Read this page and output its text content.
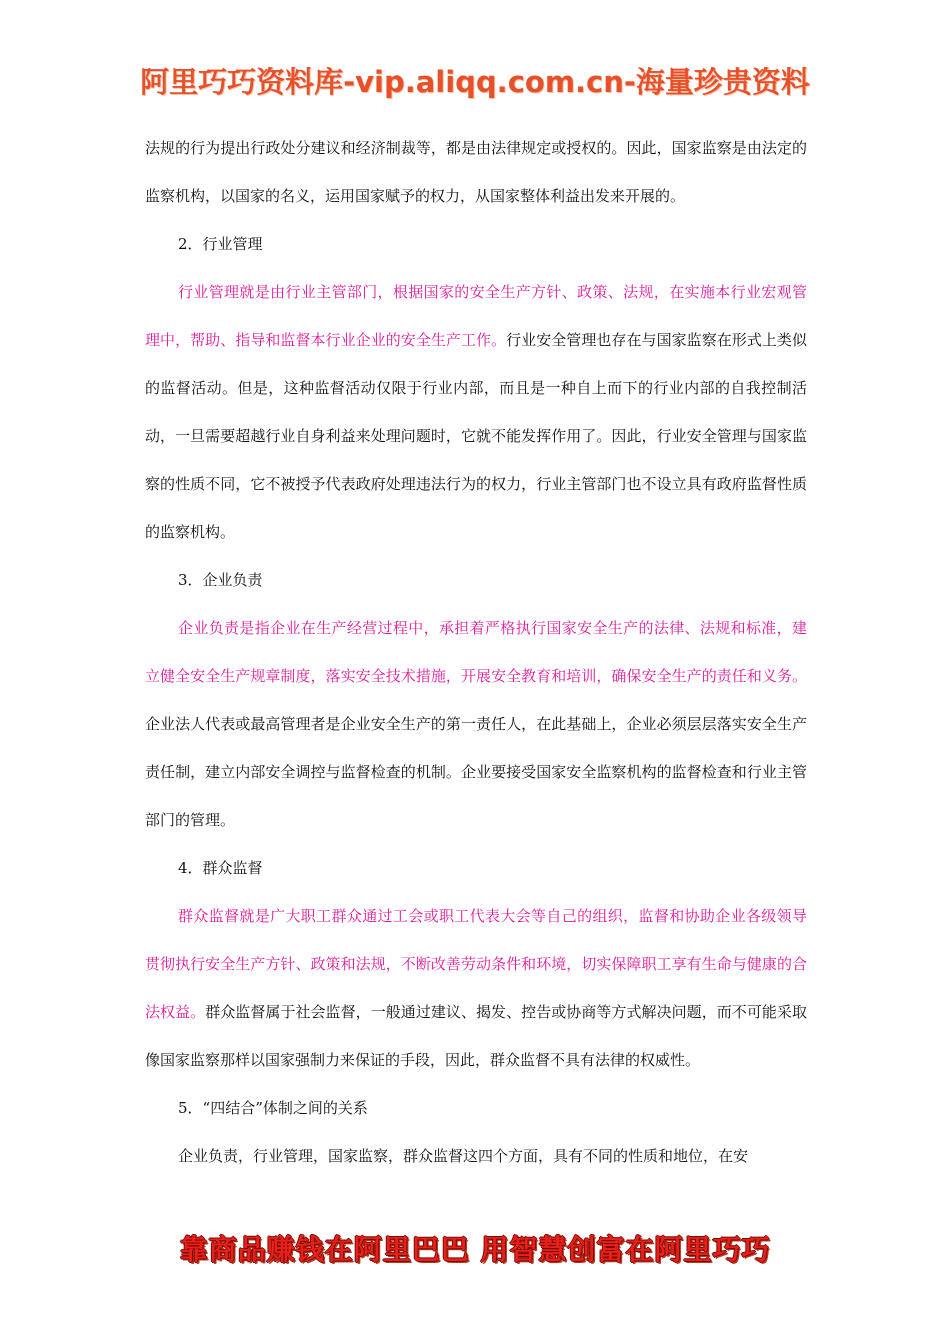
阿里巧巧资料库-vip.aliqq.com.cn-海量珍贵资料

法规的行为提出行政处分建议和经济制裁等，都是由法律规定或授权的。因此，国家监察是由法定的监察机构，以国家的名义，运用国家赋予的权力，从国家整体利益出发来开展的。

2．行业管理

行业管理就是由行业主管部门，根据国家的安全生产方针、政策、法规，在实施本行业宏观管理中，帮助、指导和监督本行业企业的安全生产工作。行业安全管理也存在与国家监察在形式上类似的监督活动。但是，这种监督活动仅限于行业内部，而且是一种自上而下的行业内部的自我控制活动，一旦需要超越行业自身利益来处理问题时，它就不能发挥作用了。因此，行业安全管理与国家监察的性质不同，它不被授予代表政府处理违法行为的权力，行业主管部门也不设立具有政府监督性质的监察机构。

3．企业负责

企业负责是指企业在生产经营过程中，承担着严格执行国家安全生产的法律、法规和标准，建立健全安全生产规章制度，落实安全技术措施，开展安全教育和培训，确保安全生产的责任和义务。企业法人代表或最高管理者是企业安全生产的第一责任人，在此基础上，企业必须层层落实安全生产责任制，建立内部安全调控与监督检查的机制。企业要接受国家安全监察机构的监督检查和行业主管部门的管理。

4．群众监督

群众监督就是广大职工群众通过工会或职工代表大会等自己的组织，监督和协助企业各级领导贯彻执行安全生产方针、政策和法规，不断改善劳动条件和环境，切实保障职工享有生命与健康的合法权益。群众监督属于社会监督，一般通过建议、揭发、控告或协商等方式解决问题，而不可能采取像国家监察那样以国家强制力来保证的手段，因此，群众监督不具有法律的权威性。

5．“四结合”体制之间的关系

企业负责，行业管理，国家监察，群众监督这四个方面，具有不同的性质和地位，在安

靠商品赚钱在阿里巴巴 用智慧创富在阿里巧巧
